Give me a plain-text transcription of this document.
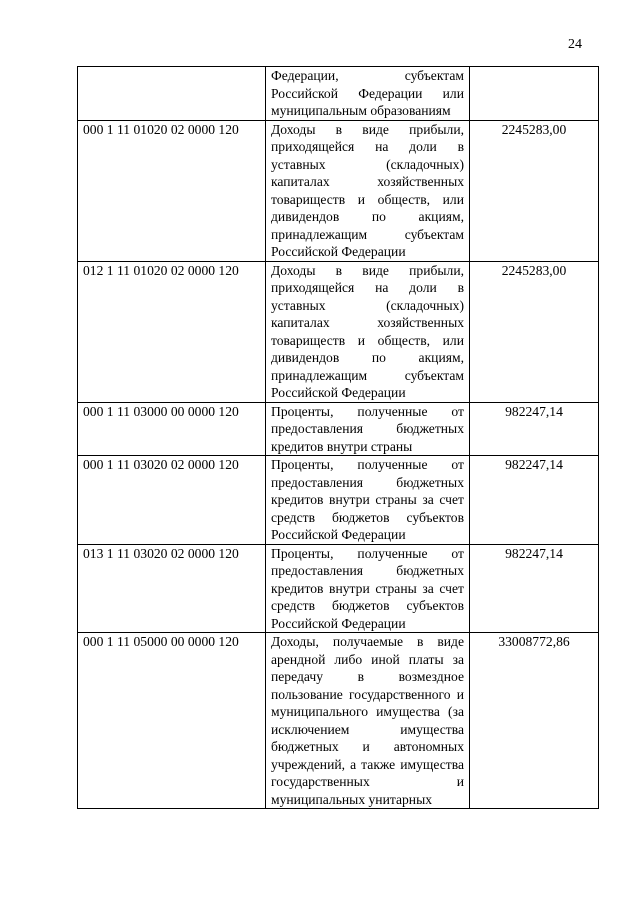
24
	Федерации, субъектам Российской Федерации или муниципальным образованиям	
000 1 11 01020 02 0000 120	Доходы в виде прибыли, приходящейся на доли в уставных (складочных) капиталах хозяйственных товариществ и обществ, или дивидендов по акциям, принадлежащим субъектам Российской Федерации	2245283,00
012 1 11 01020 02 0000 120	Доходы в виде прибыли, приходящейся на доли в уставных (складочных) капиталах хозяйственных товариществ и обществ, или дивидендов по акциям, принадлежащим субъектам Российской Федерации	2245283,00
000 1 11 03000 00 0000 120	Проценты, полученные от предоставления бюджетных кредитов внутри страны	982247,14
000 1 11 03020 02 0000 120	Проценты, полученные от предоставления бюджетных кредитов внутри страны за счет средств бюджетов субъектов Российской Федерации	982247,14
013 1 11 03020 02 0000 120	Проценты, полученные от предоставления бюджетных кредитов внутри страны за счет средств бюджетов субъектов Российской Федерации	982247,14
000 1 11 05000 00 0000 120	Доходы, получаемые в виде арендной либо иной платы за передачу в возмездное пользование государственного и муниципального имущества (за исключением имущества бюджетных и автономных учреждений, а также имущества государственных и муниципальных унитарных	33008772,86
